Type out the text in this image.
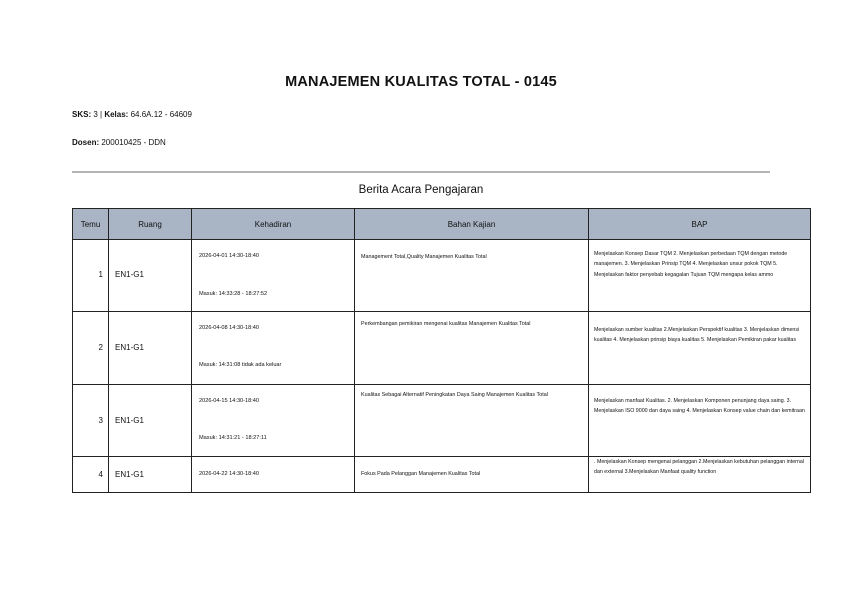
MANAJEMEN KUALITAS TOTAL - 0145
SKS: 3 | Kelas: 64.6A.12 - 64609
Dosen: 200010425 - DDN
Berita Acara Pengajaran
Temu	Ruang	Kehadiran	Bahan Kajian	BAP

1	EN1-G1	2026-04-01 14:30-18:40
Masuk: 14:33:28 - 18:27:52	Management Total,Quality Manajemen Kualitas Total	Menjelaskan Konsep Dasar TQM 2. Menjelaskan perbedaan TQM dengan metode manajemen. 3. Menjelaskan Prinsip TQM 4. Menjelaskan unsur pokok TQM 5. Menjelaskan faktor penyebab kegagalan Tujuan TQM mengapa kelas ammo

2	EN1-G1	2026-04-08 14:30-18:40
Masuk: 14:31:08 tidak ada keluar	Perkembangan pemikiran mengenai kualitas Manajemen Kualitas Total	Menjelaskan sumber kualitas 2.Menjelaskan Perspektif kualitas 3. Menjelaskan dimensi kualitas 4. Menjelaskan prinsip biaya kualitas 5. Menjelaskan Pemikiran pakar kualitas

3	EN1-G1	2026-04-15 14:30-18:40
Masuk: 14:31:21 - 18:27:11	Kualitas Sebagai Alternatif Peningkatan Daya Saing Manajemen Kualitas Total	Menjelaskan manfaat Kualitas. 2. Menjelaskan Komponen penunjang daya saing. 3. Menjelaskan ISO 9000 dan daya saing 4. Menjelaskan Konsep value chain dan kemitraan

4	EN1-G1	2026-04-22 14:30-18:40	Fokus Pada Pelanggan Manajemen Kualitas Total	. Menjelaskan Konsep mengenai pelanggan 2.Menjelaskan kebutuhan pelanggan internal dan external 3.Menjelaskan Manfaat quality function
